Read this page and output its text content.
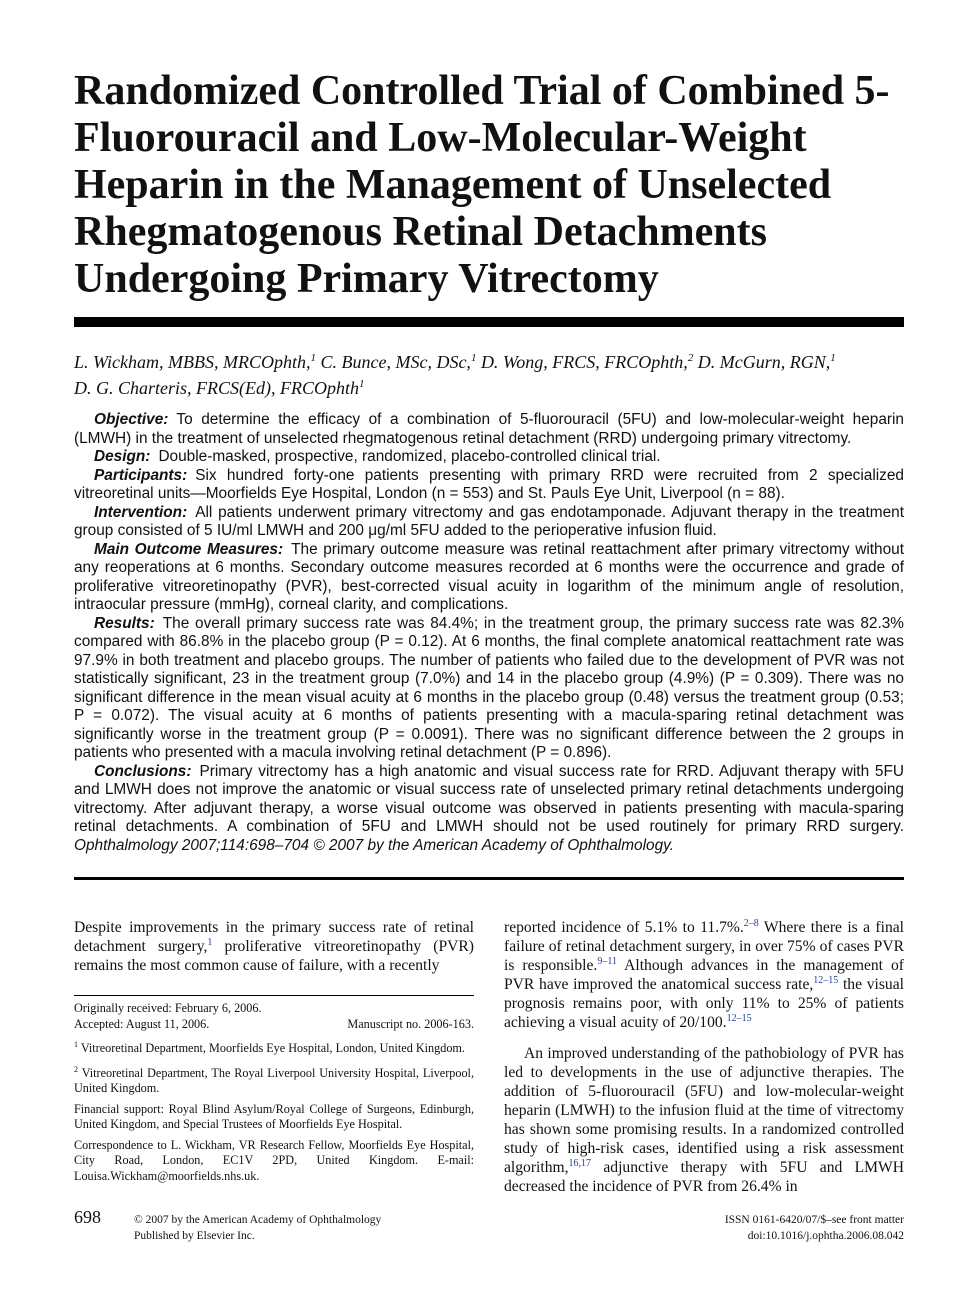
Randomized Controlled Trial of Combined 5-Fluorouracil and Low-Molecular-Weight Heparin in the Management of Unselected Rhegmatogenous Retinal Detachments Undergoing Primary Vitrectomy
L. Wickham, MBBS, MRCOphth,$^1$ C. Bunce, MSc, DSc,$^1$ D. Wong, FRCS, FRCOphth,$^2$ D. McGurn, RGN,$^1$
D. G. Charteris, FRCS(Ed), FRCOphth$^1$

Objective: To determine the efficacy of a combination of 5-fluorouracil (5FU) and low-molecular-weight heparin (LMWH) in the treatment of unselected rhegmatogenous retinal detachment (RRD) undergoing primary vitrectomy.

Design: Double-masked, prospective, randomized, placebo-controlled clinical trial.

Participants: Six hundred forty-one patients presenting with primary RRD were recruited from 2 specialized vitreoretinal units—Moorfields Eye Hospital, London (n = 553) and St. Pauls Eye Unit, Liverpool (n = 88).

Intervention: All patients underwent primary vitrectomy and gas endotamponade. Adjuvant therapy in the treatment group consisted of 5 IU/ml LMWH and 200 μg/ml 5FU added to the perioperative infusion fluid.

Main Outcome Measures: The primary outcome measure was retinal reattachment after primary vitrectomy without any reoperations at 6 months. Secondary outcome measures recorded at 6 months were the occurrence and grade of proliferative vitreoretinopathy (PVR), best-corrected visual acuity in logarithm of the minimum angle of resolution, intraocular pressure (mmHg), corneal clarity, and complications.

Results: The overall primary success rate was 84.4%; in the treatment group, the primary success rate was 82.3% compared with 86.8% in the placebo group (P = 0.12). At 6 months, the final complete anatomical reattachment rate was 97.9% in both treatment and placebo groups. The number of patients who failed due to the development of PVR was not statistically significant, 23 in the treatment group (7.0%) and 14 in the placebo group (4.9%) (P = 0.309). There was no significant difference in the mean visual acuity at 6 months in the placebo group (0.48) versus the treatment group (0.53; P = 0.072). The visual acuity at 6 months of patients presenting with a macula-sparing retinal detachment was significantly worse in the treatment group (P = 0.0091). There was no significant difference between the 2 groups in patients who presented with a macula involving retinal detachment (P = 0.896).

Conclusions: Primary vitrectomy has a high anatomic and visual success rate for RRD. Adjuvant therapy with 5FU and LMWH does not improve the anatomic or visual success rate of unselected primary retinal detachments undergoing vitrectomy. After adjuvant therapy, a worse visual outcome was observed in patients presenting with macula-sparing retinal detachments. A combination of 5FU and LMWH should not be used routinely for primary RRD surgery. Ophthalmology 2007;114:698–704 © 2007 by the American Academy of Ophthalmology.

Despite improvements in the primary success rate of retinal detachment surgery,$^1$ proliferative vitreoretinopathy (PVR) remains the most common cause of failure, with a recently

Originally received: February 6, 2006.

Accepted: August 11, 2006.	Manuscript no. 2006-163.

$^1$ Vitreoretinal Department, Moorfields Eye Hospital, London, United Kingdom.

$^2$ Vitreoretinal Department, The Royal Liverpool University Hospital, Liverpool, United Kingdom.

Financial support: Royal Blind Asylum/Royal College of Surgeons, Edinburgh, United Kingdom, and Special Trustees of Moorfields Eye Hospital.

Correspondence to L. Wickham, VR Research Fellow, Moorfields Eye Hospital, City Road, London, EC1V 2PD, United Kingdom. E-mail: Louisa.Wickham@moorfields.nhs.uk.

reported incidence of 5.1% to 11.7%.$^{2-8}$ Where there is a final failure of retinal detachment surgery, in over 75% of cases PVR is responsible.$^{9-11}$ Although advances in the management of PVR have improved the anatomical success rate,$^{12-15}$ the visual prognosis remains poor, with only 11% to 25% of patients achieving a visual acuity of 20/100.$^{12-15}$

An improved understanding of the pathobiology of PVR has led to developments in the use of adjunctive therapies. The addition of 5-fluorouracil (5FU) and low-molecular-weight heparin (LMWH) to the infusion fluid at the time of vitrectomy has shown some promising results. In a randomized controlled study of high-risk cases, identified using a risk assessment algorithm,$^{16,17}$ adjunctive therapy with 5FU and LMWH decreased the incidence of PVR from 26.4% in

698	© 2007 by the American Academy of Ophthalmology
Published by Elsevier Inc.
ISSN 0161-6420/07/$–see front matter
doi:10.1016/j.ophtha.2006.08.042
